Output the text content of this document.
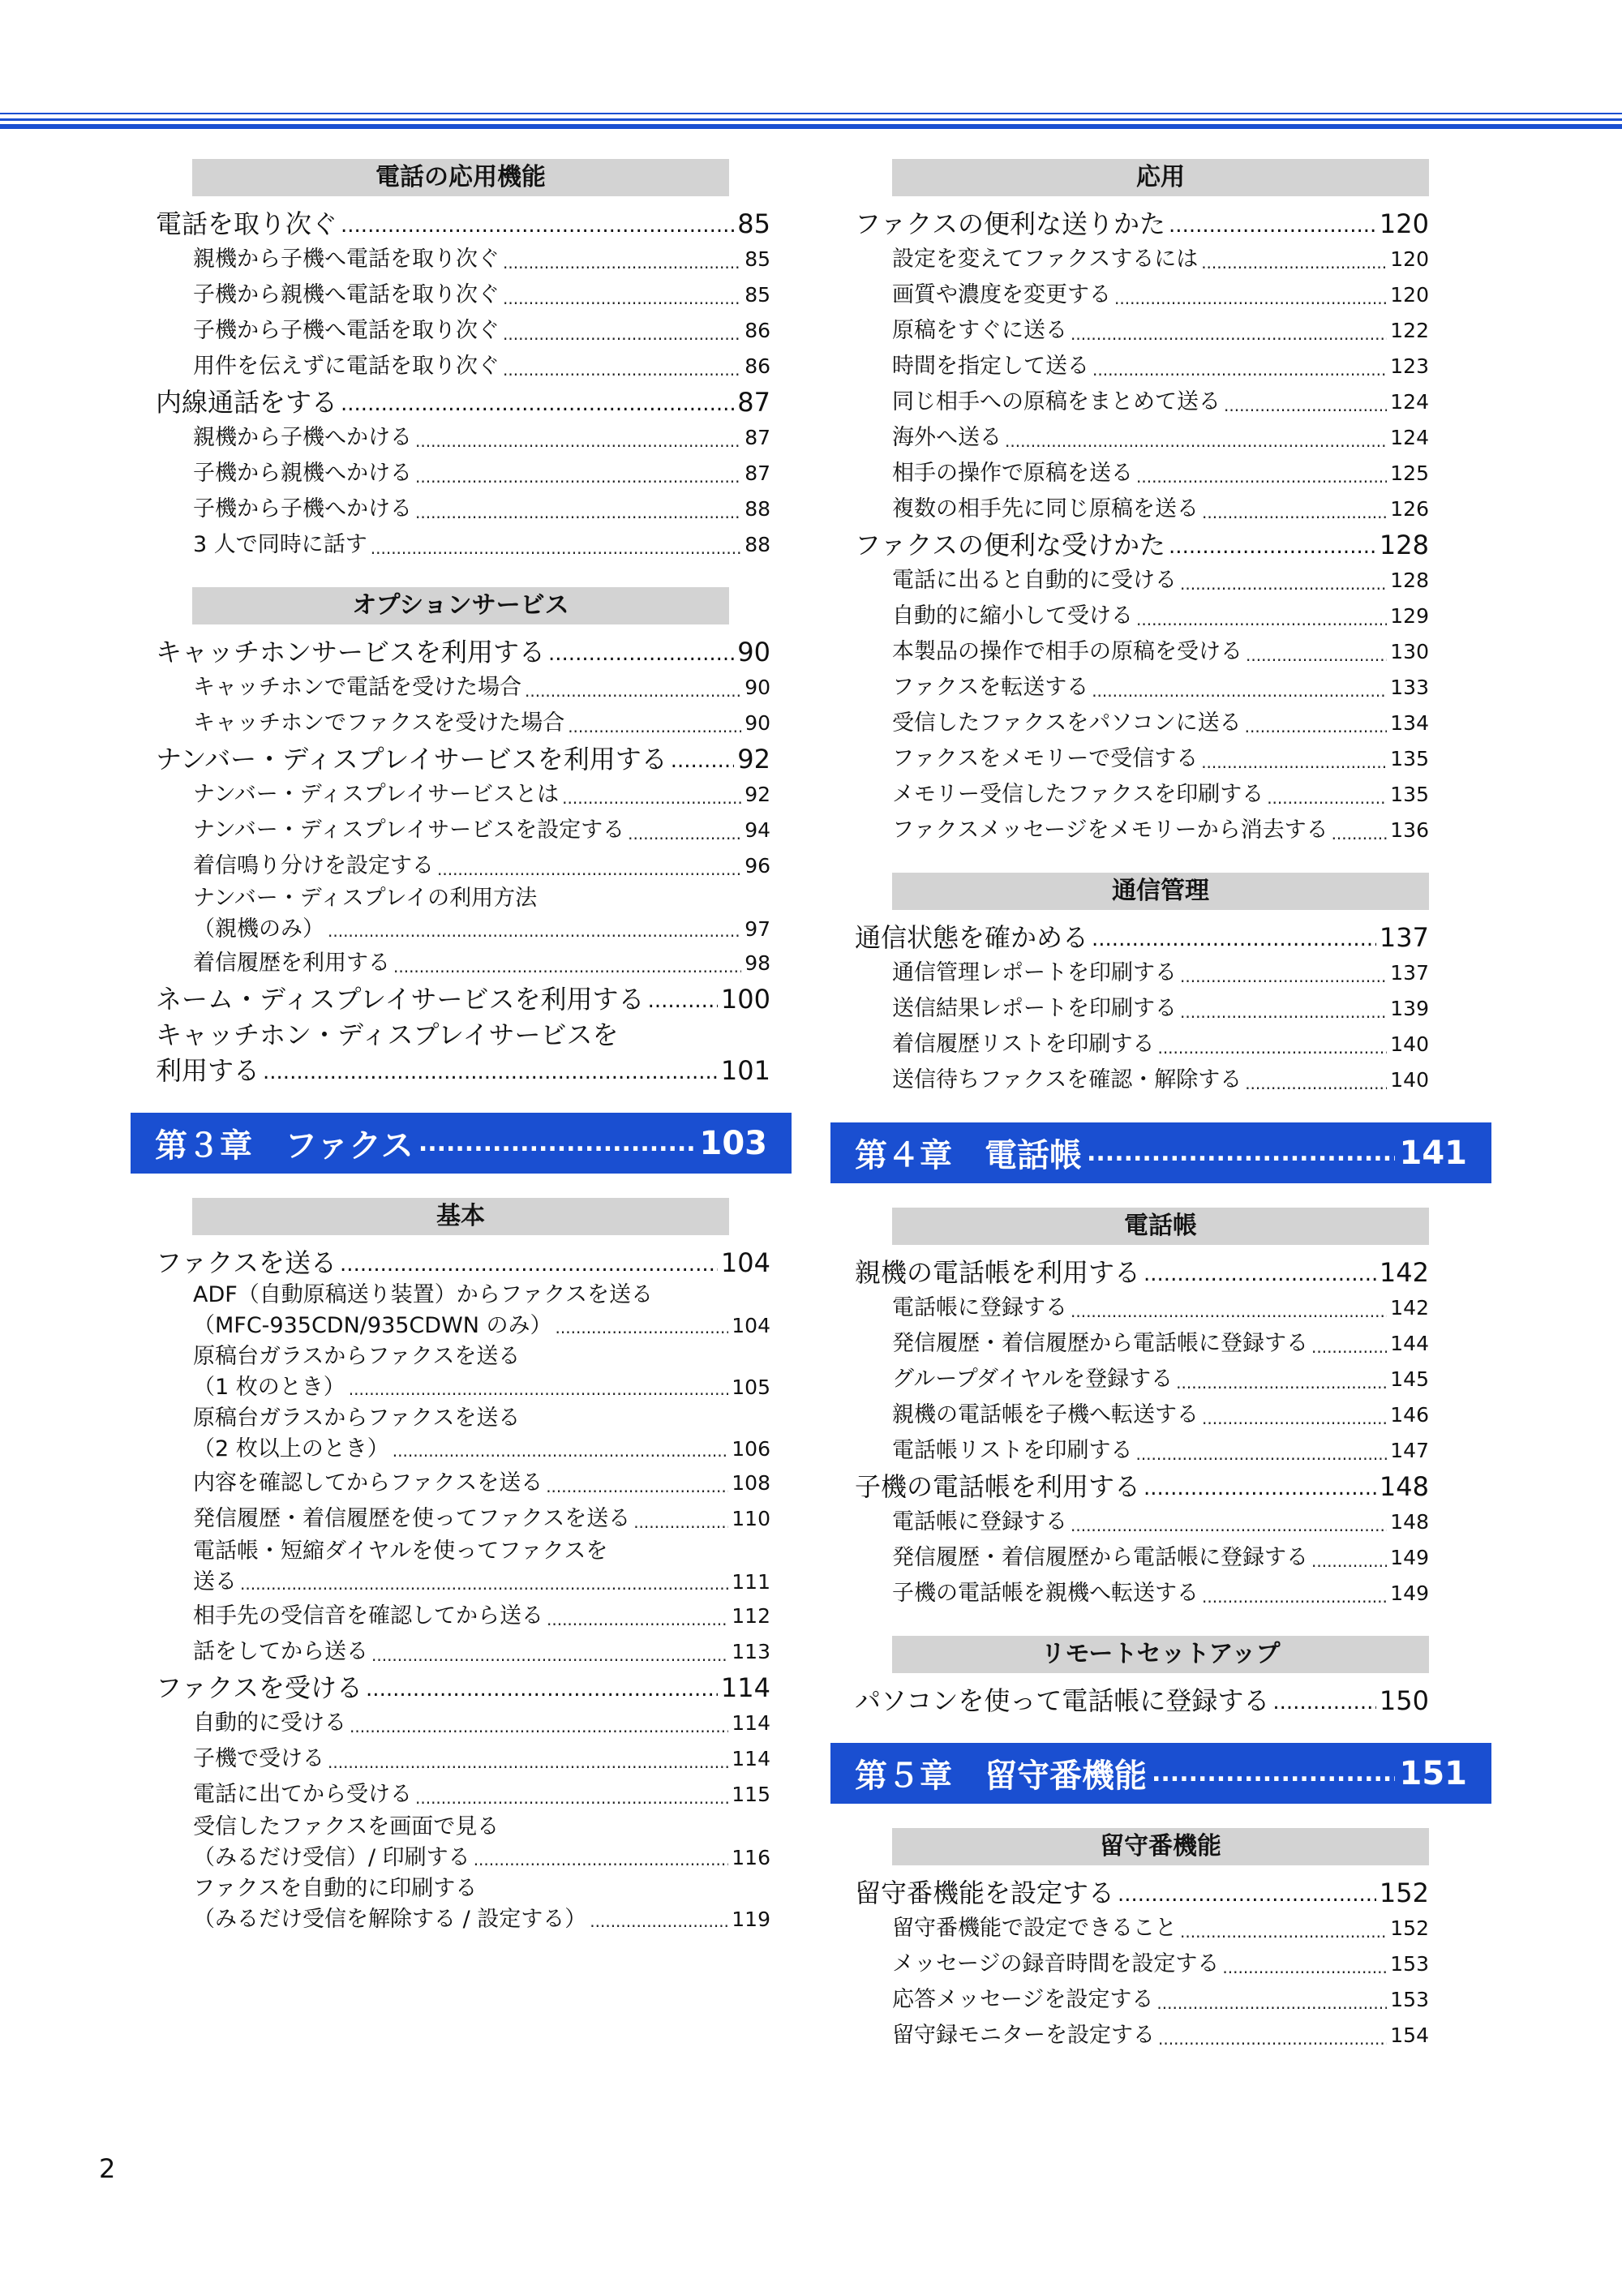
電話の応用機能
電話を取り次ぐ .....	85
親機から子機へ電話を取り次ぐ .....	85
子機から親機へ電話を取り次ぐ .....	85
子機から子機へ電話を取り次ぐ .....	86
用件を伝えずに電話を取り次ぐ .....	86
内線通話をする .....	87
親機から子機へかける .....	87
子機から親機へかける .....	87
子機から子機へかける .....	88
3 人で同時に話す .....	88
オプションサービス
キャッチホンサービスを利用する .....	90
キャッチホンで電話を受けた場合 .....	90
キャッチホンでファクスを受けた場合 .....	90
ナンバー・ディスプレイサービスを利用する .....	92
ナンバー・ディスプレイサービスとは .....	92
ナンバー・ディスプレイサービスを設定する .....	94
着信鳴り分けを設定する .....	96
ナンバー・ディスプレイの利用方法
（親機のみ） .....	97
着信履歴を利用する .....	98
ネーム・ディスプレイサービスを利用する .....	100
キャッチホン・ディスプレイサービスを
利用する .....	101
第３章　ファクス .....	103
基本
ファクスを送る .....	104
ADF（自動原稿送り装置）からファクスを送る
（MFC-935CDN/935CDWN のみ） .....	104
原稿台ガラスからファクスを送る
（1 枚のとき） .....	105
原稿台ガラスからファクスを送る
（2 枚以上のとき） .....	106
内容を確認してからファクスを送る .....	108
発信履歴・着信履歴を使ってファクスを送る .....	110
電話帳・短縮ダイヤルを使ってファクスを
送る .....	111
相手先の受信音を確認してから送る .....	112
話をしてから送る .....	113
ファクスを受ける .....	114
自動的に受ける .....	114
子機で受ける .....	114
電話に出てから受ける .....	115
受信したファクスを画面で見る
（みるだけ受信）/ 印刷する .....	116
ファクスを自動的に印刷する
（みるだけ受信を解除する / 設定する） .....	119
応用
ファクスの便利な送りかた .....	120
設定を変えてファクスするには .....	120
画質や濃度を変更する .....	120
原稿をすぐに送る .....	122
時間を指定して送る .....	123
同じ相手への原稿をまとめて送る .....	124
海外へ送る .....	124
相手の操作で原稿を送る .....	125
複数の相手先に同じ原稿を送る .....	126
ファクスの便利な受けかた .....	128
電話に出ると自動的に受ける .....	128
自動的に縮小して受ける .....	129
本製品の操作で相手の原稿を受ける .....	130
ファクスを転送する .....	133
受信したファクスをパソコンに送る .....	134
ファクスをメモリーで受信する .....	135
メモリー受信したファクスを印刷する .....	135
ファクスメッセージをメモリーから消去する .....	136
通信管理
通信状態を確かめる .....	137
通信管理レポートを印刷する .....	137
送信結果レポートを印刷する .....	139
着信履歴リストを印刷する .....	140
送信待ちファクスを確認・解除する .....	140
第４章　電話帳 .....	141
電話帳
親機の電話帳を利用する .....	142
電話帳に登録する .....	142
発信履歴・着信履歴から電話帳に登録する .....	144
グループダイヤルを登録する .....	145
親機の電話帳を子機へ転送する .....	146
電話帳リストを印刷する .....	147
子機の電話帳を利用する .....	148
電話帳に登録する .....	148
発信履歴・着信履歴から電話帳に登録する .....	149
子機の電話帳を親機へ転送する .....	149
リモートセットアップ
パソコンを使って電話帳に登録する .....	150
第５章　留守番機能 .....	151
留守番機能
留守番機能を設定する .....	152
留守番機能で設定できること .....	152
メッセージの録音時間を設定する .....	153
応答メッセージを設定する .....	153
留守録モニターを設定する .....	154
2
